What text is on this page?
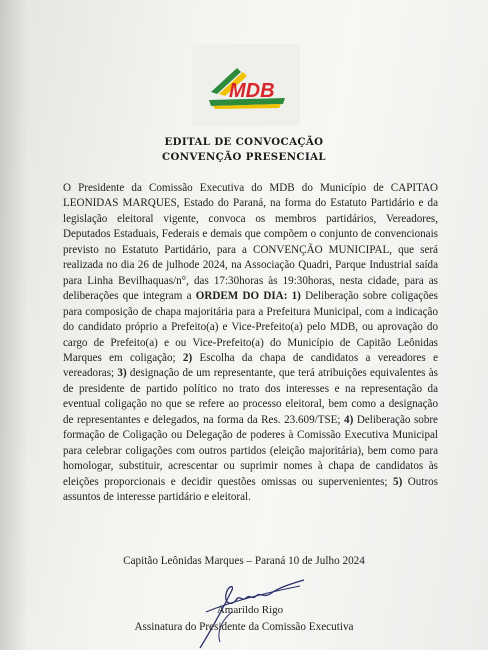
MDB
EDITAL DE CONVOCAÇÃO
CONVENÇÃO PRESENCIAL
O Presidente da Comissão Executiva do MDB do Município de CAPITAO LEONIDAS MARQUES, Estado do Paraná, na forma do Estatuto Partidário e da legislação eleitoral vigente, convoca os membros partidários, Vereadores, Deputados Estaduais, Federais e demais que compõem o conjunto de convencionais previsto no Estatuto Partidário, para a CONVENÇÃO MUNICIPAL, que será realizada no dia 26 de julhode 2024, na Associação Quadri, Parque Industrial saída para Linha Bevilhaquas/n°, das 17:30horas às 19:30horas, nesta cidade, para as deliberações que integram a ORDEM DO DIA: 1) Deliberação sobre coligações para composição de chapa majoritária para a Prefeitura Municipal, com a indicação do candidato próprio a Prefeito(a) e Vice-Prefeito(a) pelo MDB, ou aprovação do cargo de Prefeito(a) e ou Vice-Prefeito(a) do Município de Capitão Leônidas Marques em coligação; 2) Escolha da chapa de candidatos a vereadores e vereadoras; 3) designação de um representante, que terá atribuições equivalentes às de presidente de partido político no trato dos interesses e na representação da eventual coligação no que se refere ao processo eleitoral, bem como a designação de representantes e delegados, na forma da Res. 23.609/TSE; 4) Deliberação sobre formação de Coligação ou Delegação de poderes à Comissão Executiva Municipal para celebrar coligações com outros partidos (eleição majoritária), bem como para homologar, substituir, acrescentar ou suprimir nomes à chapa de candidatos às eleições proporcionais e decidir questões omissas ou supervenientes; 5) Outros assuntos de interesse partidário e eleitoral.
Capitão Leônidas Marques – Paraná 10 de Julho 2024
Amarildo Rigo
Assinatura do Presidente da Comissão Executiva
